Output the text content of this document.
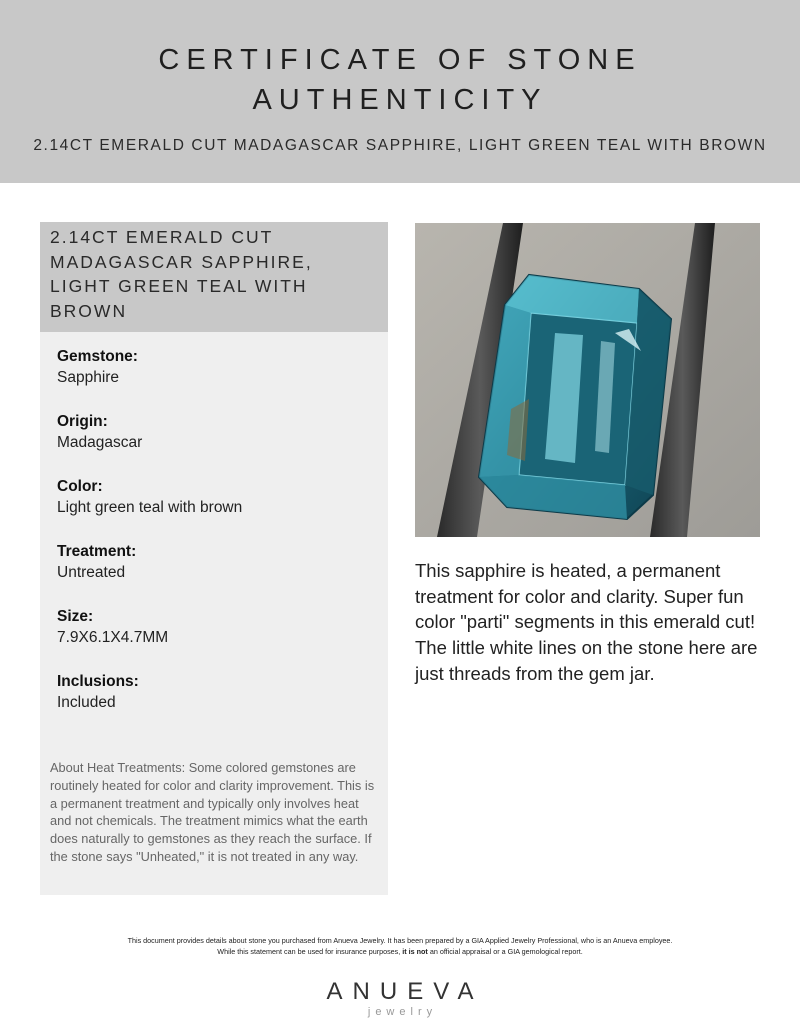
CERTIFICATE OF STONE
AUTHENTICITY

2.14CT EMERALD CUT MADAGASCAR SAPPHIRE, LIGHT GREEN TEAL WITH BROWN

2.14CT EMERALD CUT MADAGASCAR SAPPHIRE, LIGHT GREEN TEAL WITH BROWN
Gemstone:
Sapphire
Origin:
Madagascar
Color:
Light green teal with brown
Treatment:
Untreated
Size:
7.9X6.1X4.7MM
Inclusions:
Included
About Heat Treatments: Some colored gemstones are routinely heated for color and clarity improvement. This is a permanent treatment and typically only involves heat and not chemicals. The treatment mimics what the earth does naturally to gemstones as they reach the surface. If the stone says "Unheated," it is not treated in any way.
This sapphire is heated, a permanent treatment for color and clarity. Super fun color "parti" segments in this emerald cut! The little white lines on the stone here are just threads from the gem jar.
This document provides details about stone you purchased from Anueva Jewelry. It has been prepared by a GIA Applied Jewelry Professional, who is an Anueva employee.
While this statement can be used for insurance purposes, it is not an official appraisal or a GIA gemological report.
ANUEVA
jewelry
